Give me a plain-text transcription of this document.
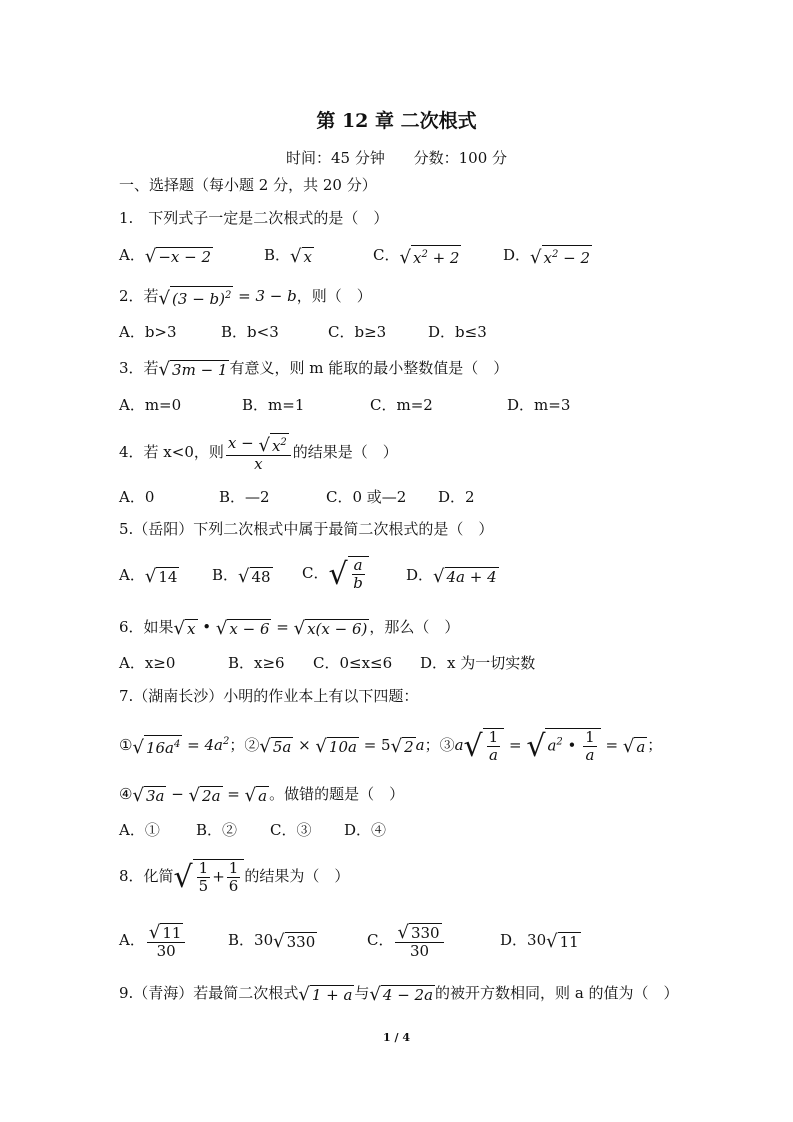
第 12 章 二次根式
时间：45 分钟 分数：100 分
一、选择题（每小题 2 分，共 20 分）
1.　下列式子一定是二次根式的是（　）
A． √ −x − 2	B． √ x	C． √ $x^2 + 2$	D． √ $x^2 - 2$
2．若 √ $(3 - b)^2 = 3 - b$，则（　）
A．b>3	B．b<3	C．b≥3	D．b≤3
3．若 √ 3m − 1 有意义，则 m 能取的最小整数值是（　）
A．m=0	B．m=1	C．m=2	D．m=3
4．若 x<0，则 $\frac{x - √ x^2}{x}$ 的结果是（　）
A．0	B．—2	C．0 或—2 D．2
5.（岳阳）下列二次根式中属于最简二次根式的是（　）
A． √ 14 B． √ 48 C． √ $\frac{a}{b}$	D． √ 4a + 4
6．如果 √ x • √ x − 6 = √ x(x − 6) ，那么（　）
A．x≥0	B．x≥6 C．0≤x≤6 D．x 为一切实数
7.（湖南长沙）小明的作业本上有以下四题：
① √ $16a^4 = 4a^2$；② √ 5a × √ 10a = 5 √ 2 a；③a √ $\frac{1}{a}$ = √ $a^2$ • $\frac{1}{a}$ = √ a ；
④ √ 3a − √ 2a = √ a 。做错的题是（　）
A．① B．② C．③ D．④
8．化简 √ $\frac{1}{5} + \frac{1}{6}$ 的结果为（　）
A． $\frac{√ 11}{30}$	B．30 √ 330	C． $\frac{√ 330}{30}$	D．30 √ 11
9.（青海）若最简二次根式 √ 1 + a 与 √ 4 − 2a 的被开方数相同，则 a 的值为（　）
1 / 4
